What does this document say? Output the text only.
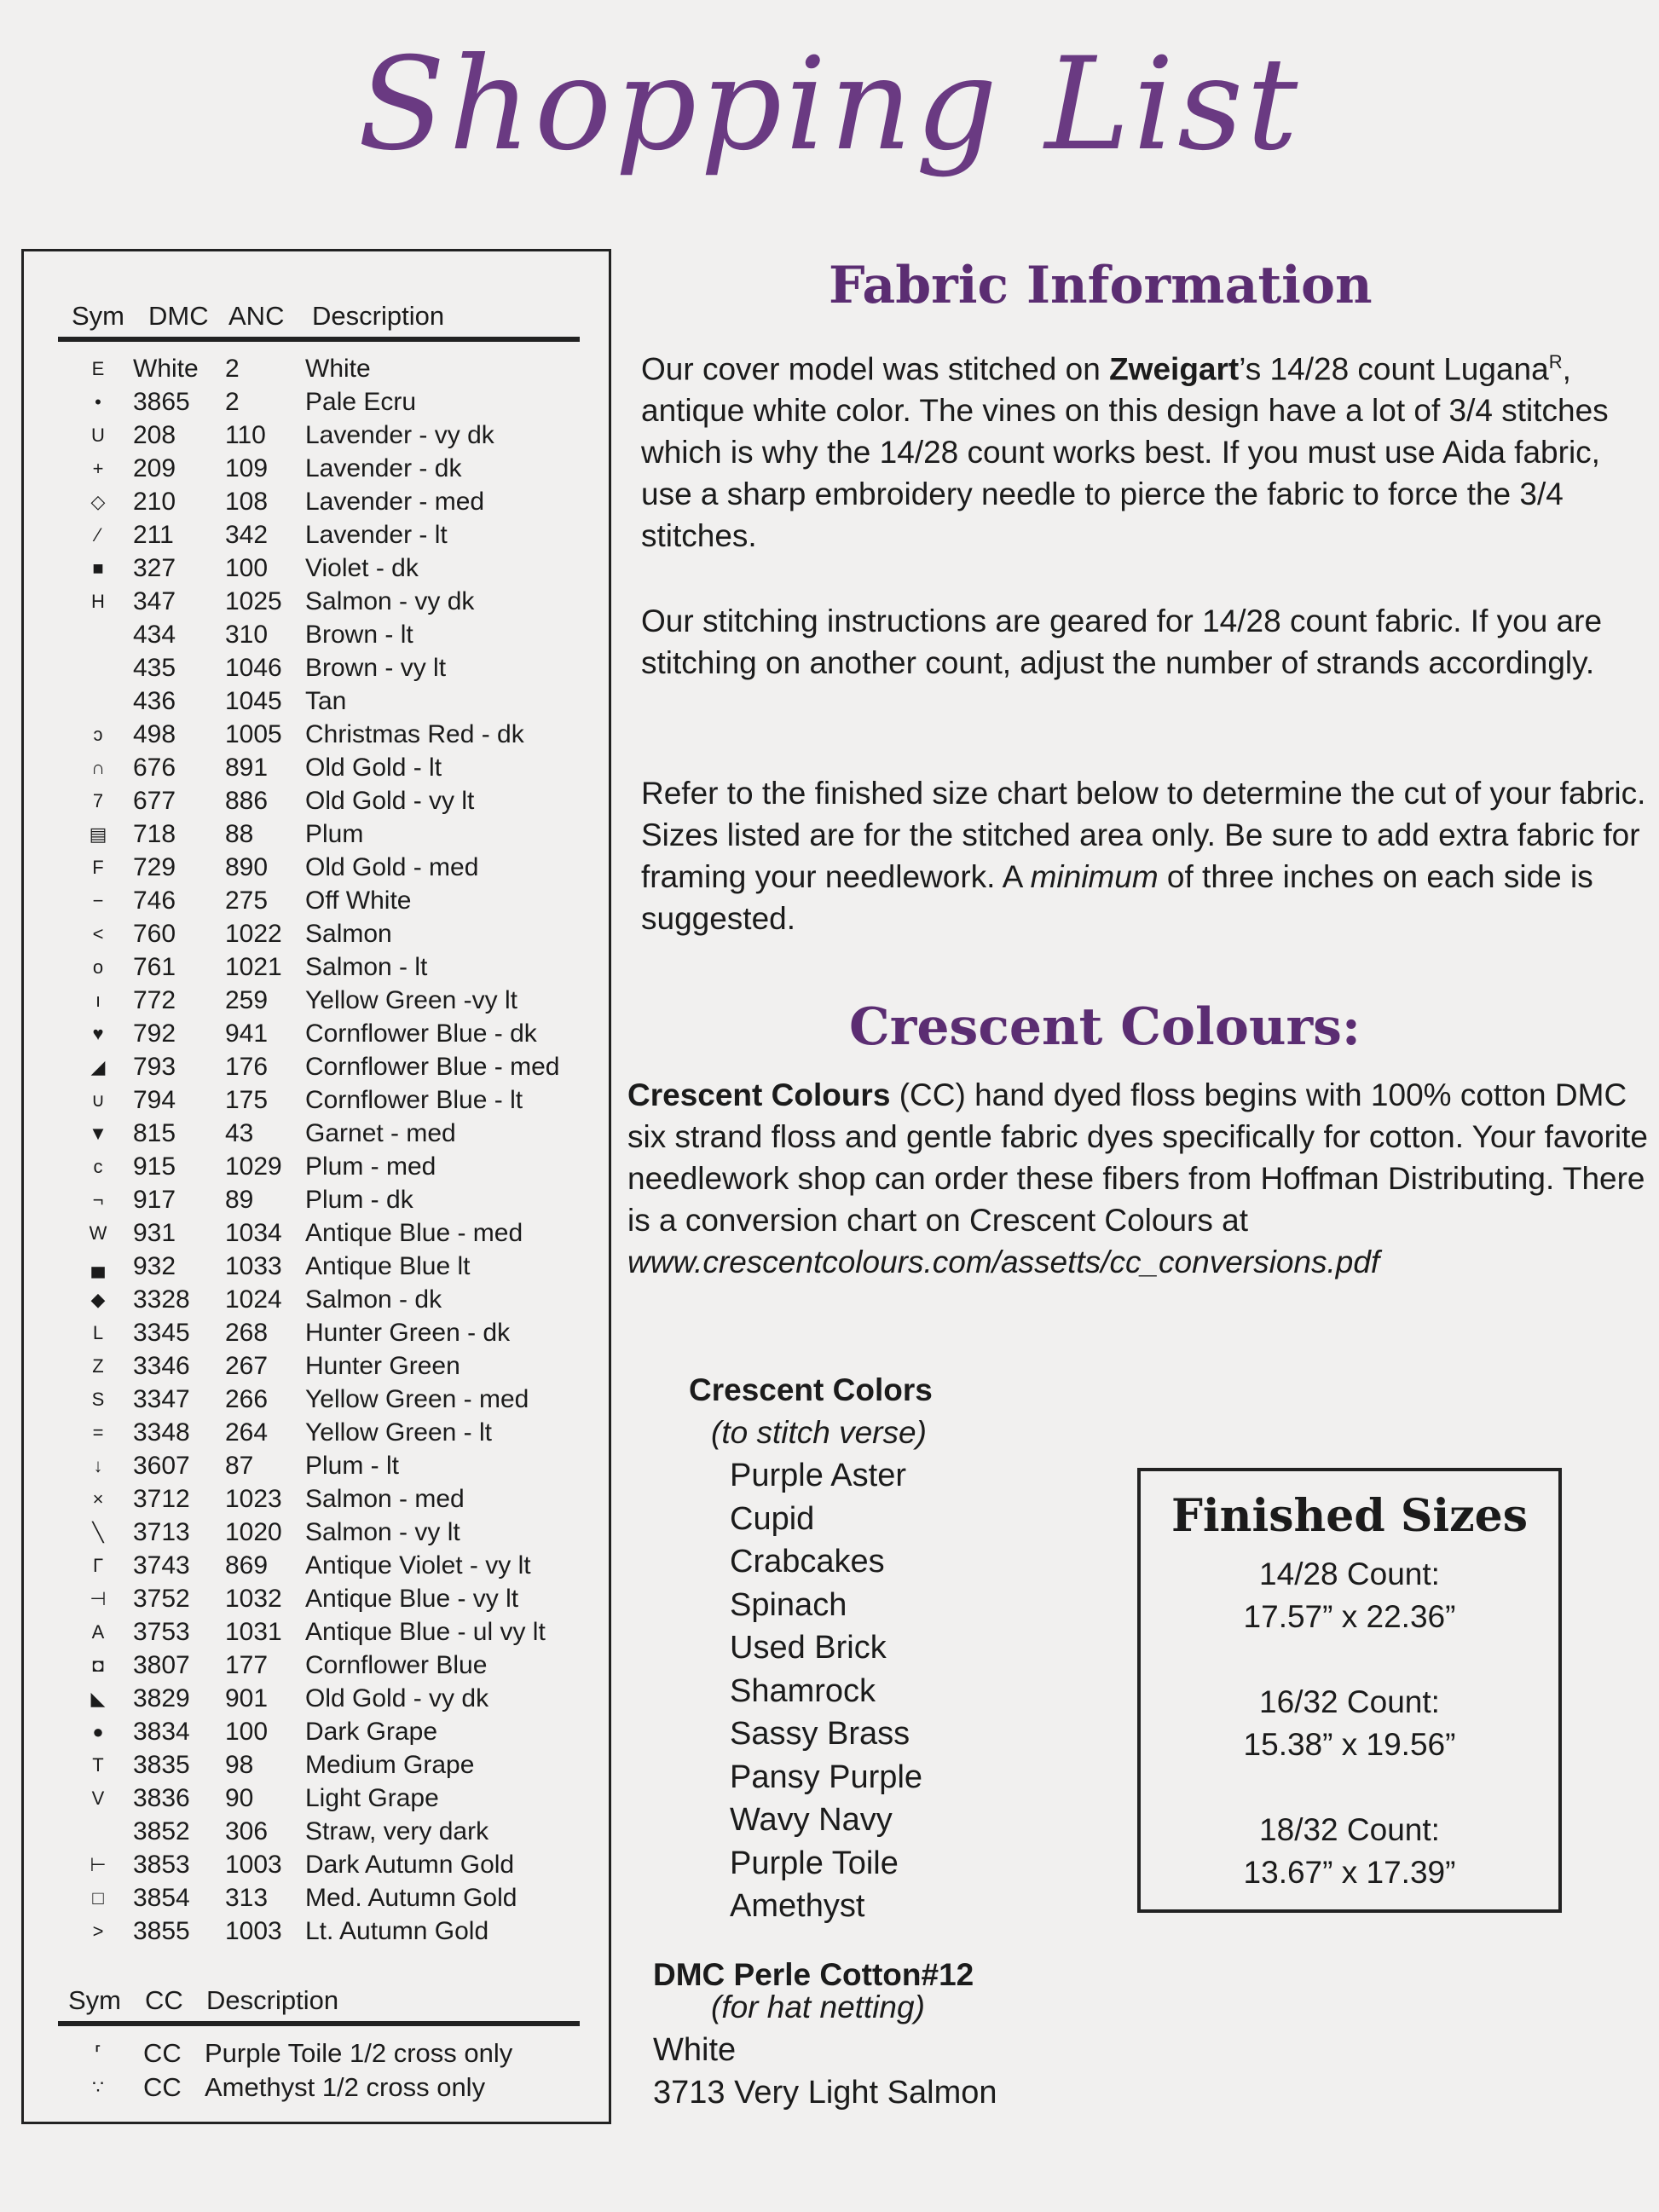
Shopping List
Sym DMC ANC Description
E White 2	White
•	3865 2	Pale Ecru
U 208 110 Lavender - vy dk
+ 209 109 Lavender - dk
◇ 210 108 Lavender - med
⁄	211 342 Lavender - lt
■ 327 100 Violet - dk
H 347 1025 Salmon - vy dk
434 310 Brown - lt
435 1046 Brown - vy lt
436 1045 Tan
ↄ	498 1005 Christmas Red - dk
∩ 676 891 Old Gold - lt
7 677 886 Old Gold - vy lt
▤ 718 88 Plum
F 729 890 Old Gold - med
− 746 275 Off White
< 760 1022 Salmon
o 761 1021 Salmon - lt
ı	772 259 Yellow Green -vy lt
♥ 792 941 Cornflower Blue - dk
◢ 793 176 Cornflower Blue - med
∪ 794 175 Cornflower Blue - lt
▼ 815 43 Garnet - med
c	915 1029 Plum - med
¬ 917 89 Plum - dk
W 931 1034 Antique Blue - med
▄ 932 1033 Antique Blue lt
◆ 3328 1024 Salmon - dk
L 3345 268 Hunter Green - dk
Z 3346 267 Hunter Green
S 3347 266 Yellow Green - med
= 3348 264 Yellow Green - lt
↓	3607 87 Plum - lt
× 3712 1023 Salmon - med
╲ 3713 1020 Salmon - vy lt
Γ 3743 869 Antique Violet - vy lt
⊣ 3752 1032 Antique Blue - vy lt
A 3753 1031 Antique Blue - ul vy lt
◘ 3807 177 Cornflower Blue
◣ 3829 901 Old Gold - vy dk
● 3834 100 Dark Grape
T 3835 98 Medium Grape
V 3836 90 Light Grape
3852 306 Straw, very dark
⊢ 3853 1003 Dark Autumn Gold
□ 3854 313 Med. Autumn Gold
> 3855 1003 Lt. Autumn Gold
Sym CC Description
⸢	CC Purple Toile 1/2 cross only
∵ CC Amethyst 1/2 cross only
Fabric Information

Our cover model was stitched on Zweigart’s 14/28 count Lugana$^R$, antique white color. The vines on this design have a lot of 3/4 stitches which is why the 14/28 count works best. If you must use Aida fabric, use a sharp embroidery needle to pierce the fabric to force the 3/4 stitches.

Our stitching instructions are geared for 14/28 count fabric. If you are stitching on another count, adjust the number of strands accordingly.

Refer to the finished size chart below to determine the cut of your fabric. Sizes listed are for the stitched area only. Be sure to add extra fabric for framing your needlework. A minimum of three inches on each side is suggested.

Crescent Colours:

Crescent Colours (CC) hand dyed floss begins with 100% cotton DMC six strand floss and gentle fabric dyes specifically for cotton. Your favorite needlework shop can order these fibers from Hoffman Distributing. There is a conversion chart on Crescent Colours at www.crescentcolours.com/assetts/cc_conversions.pdf

Crescent Colors
(to stitch verse)
Purple Aster
Cupid
Crabcakes
Spinach
Used Brick
Shamrock
Sassy Brass
Pansy Purple
Wavy Navy
Purple Toile
Amethyst
DMC Perle Cotton#12
(for hat netting)
White
3713 Very Light Salmon
Finished Sizes
14/28 Count:
17.57” x 22.36”
16/32 Count:
15.38” x 19.56”
18/32 Count:
13.67” x 17.39”
